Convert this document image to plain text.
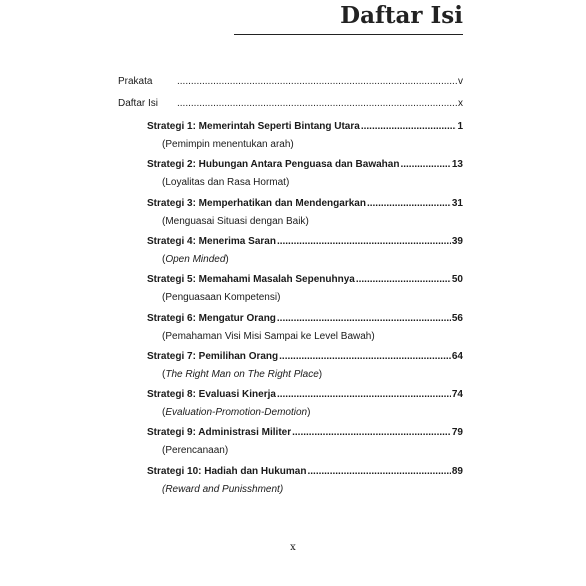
Daftar Isi
Prakata .....	v
Daftar Isi .....	x
Strategi 1: Memerintah Seperti Bintang Utara .....	1
(Pemimpin menentukan arah)
Strategi 2: Hubungan Antara Penguasa dan Bawahan .....	13
(Loyalitas dan Rasa Hormat)
Strategi 3: Memperhatikan dan Mendengarkan .....	31
(Menguasai Situasi dengan Baik)
Strategi 4: Menerima Saran .....	39
(Open Minded)
Strategi 5: Memahami Masalah Sepenuhnya .....	50
(Penguasaan Kompetensi)
Strategi 6: Mengatur Orang .....	56
(Pemahaman Visi Misi Sampai ke Level Bawah)
Strategi 7: Pemilihan Orang .....	64
(The Right Man on The Right Place)
Strategi 8: Evaluasi Kinerja .....	74
(Evaluation-Promotion-Demotion)
Strategi 9: Administrasi Militer .....	79
(Perencanaan)
Strategi 10: Hadiah dan Hukuman .....	89
(Reward and Punisshment)
x
